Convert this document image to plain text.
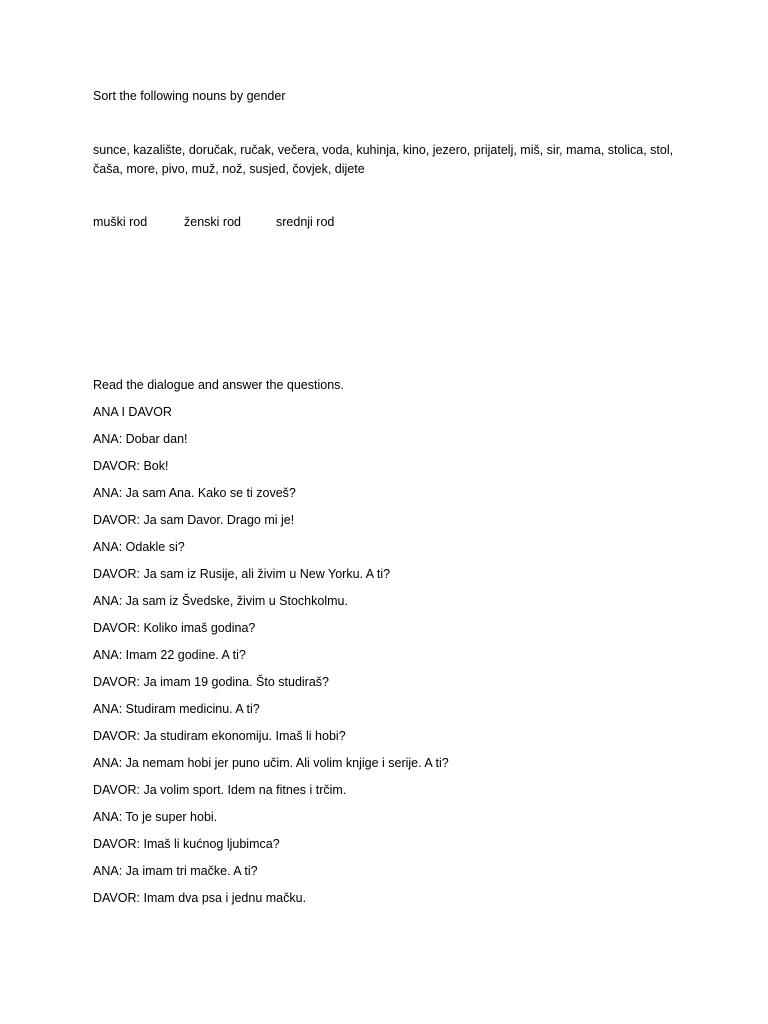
Sort the following nouns by gender
sunce, kazalište, doručak, ručak, večera, voda, kuhinja, kino, jezero, prijatelj, miš, sir, mama, stolica, stol, čaša, more, pivo, muž, nož, susjed, čovjek, dijete
muški rod	ženski rod	srednji rod
Read the dialogue and answer the questions.
ANA I DAVOR
ANA: Dobar dan!
DAVOR: Bok!
ANA: Ja sam Ana. Kako se ti zoveš?
DAVOR: Ja sam Davor. Drago mi je!
ANA: Odakle si?
DAVOR: Ja sam iz Rusije, ali živim u New Yorku. A ti?
ANA: Ja sam iz Švedske, živim u Stochkolmu.
DAVOR: Koliko imaš godina?
ANA: Imam 22 godine. A ti?
DAVOR: Ja imam 19 godina. Što studiraš?
ANA: Studiram medicinu. A ti?
DAVOR: Ja studiram ekonomiju. Imaš li hobi?
ANA: Ja nemam hobi jer puno učim. Ali volim knjige i serije. A ti?
DAVOR: Ja volim sport. Idem na fitnes i trčim.
ANA: To je super hobi.
DAVOR: Imaš li kućnog ljubimca?
ANA: Ja imam tri mačke. A ti?
DAVOR: Imam dva psa i jednu mačku.
